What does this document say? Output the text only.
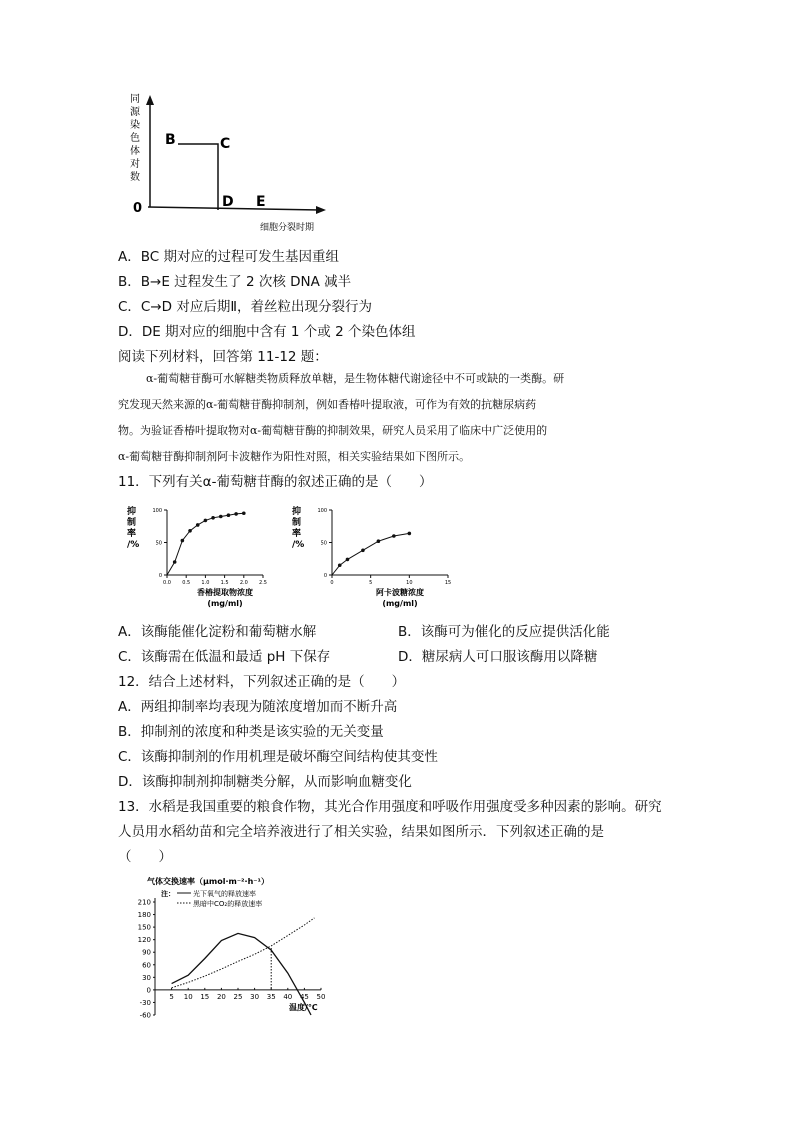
同
源
染
色
体
对
数
0
B	C
D E
细胞分裂时期
A．BC 期对应的过程可发生基因重组
B．B→E 过程发生了 2 次核 DNA 减半
C．C→D 对应后期Ⅱ，着丝粒出现分裂行为
D．DE 期对应的细胞中含有 1 个或 2 个染色体组
阅读下列材料，回答第 11-12 题：

α-葡萄糖苷酶可水解糖类物质释放单糖，是生物体糖代谢途径中不可或缺的一类酶。研

究发现天然来源的α-葡萄糖苷酶抑制剂，例如香椿叶提取液，可作为有效的抗糖尿病药

物。为验证香椿叶提取物对α-葡萄糖苷酶的抑制效果，研究人员采用了临床中广泛使用的

α-葡萄糖苷酶抑制剂阿卡波糖作为阳性对照，相关实验结果如下图所示。

11．下列有关α-葡萄糖苷酶的叙述正确的是（　　）
抑
制
率
/%
0
50
100
0.0 0.5 1.0 1.5 2.0 2.5
香椿提取物浓度
(mg/ml)
抑
制
率
/%
0
50
100
0	5	10	15
阿卡波糖浓度
(mg/ml)
A．该酶能催化淀粉和葡萄糖水解	B．该酶可为催化的反应提供活化能
C．该酶需在低温和最适 pH 下保存	D．糖尿病人可口服该酶用以降糖
12．结合上述材料，下列叙述正确的是（　　）
A．两组抑制率均表现为随浓度增加而不断升高
B．抑制剂的浓度和种类是该实验的无关变量
C．该酶抑制剂的作用机理是破坏酶空间结构使其变性
D．该酶抑制剂抑制糖类分解，从而影响血糖变化
13．水稻是我国重要的粮食作物，其光合作用强度和呼吸作用强度受多种因素的影响。研究
人员用水稻幼苗和完全培养液进行了相关实验，结果如图所示．下列叙述正确的是
（　　）
气体交换速率（μmol·m⁻²·h⁻¹）
注：	光下氧气的释放速率
黑暗中CO₂的释放速率
-60
-30
0
30
60
90
120
150
180
210
5 10 15 20 25 30 35 40 45 50
温度/℃
